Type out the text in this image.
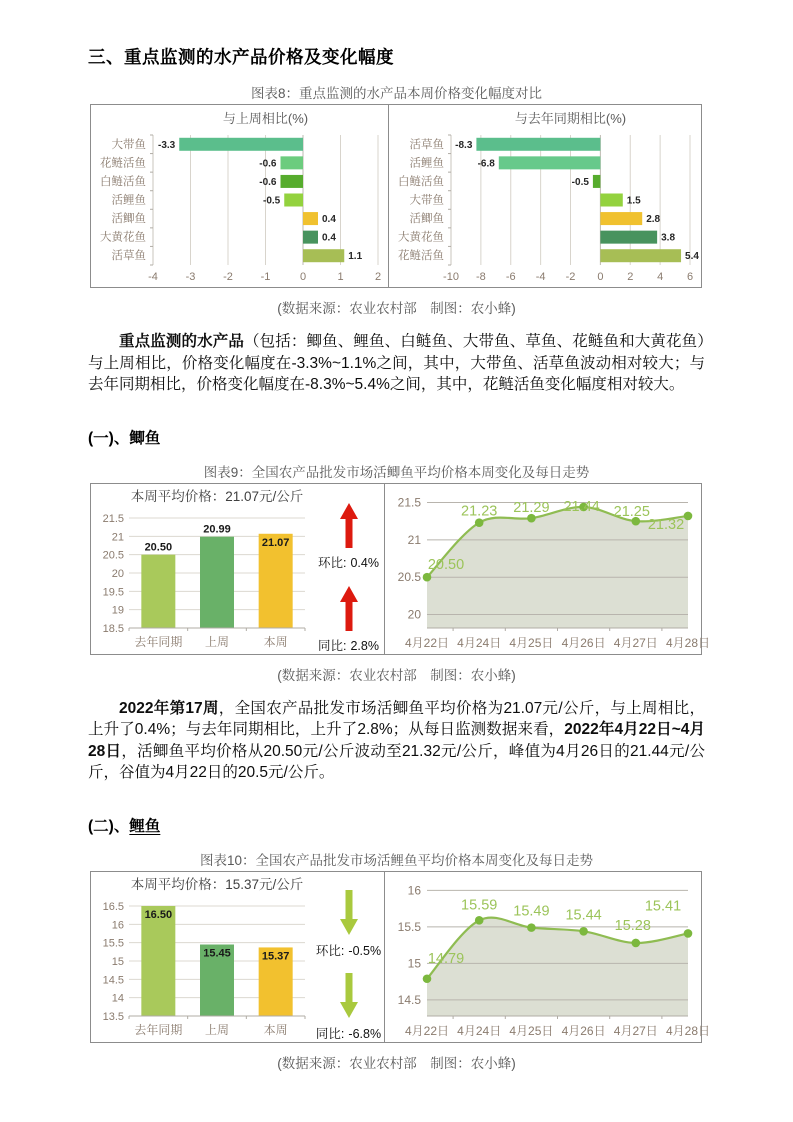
三、重点监测的水产品价格及变化幅度
图表8：重点监测的水产品本周价格变化幅度对比
与上周相比(%)
-4	-3	-2	-1	0	1	2
-3.3
大带鱼
-0.6
花鲢活鱼
-0.6
白鲢活鱼
-0.5
活鲤鱼
0.4
活鲫鱼
0.4
大黄花鱼
1.1
活草鱼
与去年同期相比(%)
-10 -8 -6 -4 -2 0 2 4 6
-8.3
活草鱼
-6.8
活鲤鱼
-0.5
白鲢活鱼
1.5
大带鱼
2.8
活鲫鱼
3.8
大黄花鱼
5.4
花鲢活鱼
(数据来源：农业农村部　制图：农小蜂)

重点监测的水产品（包括：鲫鱼、鲤鱼、白鲢鱼、大带鱼、草鱼、花鲢鱼和大黄花鱼）与上周相比，价格变化幅度在-3.3%~1.1%之间，其中，大带鱼、活草鱼波动相对较大；与去年同期相比，价格变化幅度在-8.3%~5.4%之间，其中，花鲢活鱼变化幅度相对较大。

(一)、鲫鱼
图表9：全国农产品批发市场活鲫鱼平均价格本周变化及每日走势
本周平均价格：21.07元/公斤
21.5
21
20.5
20
19.5
19
18.5
20.50
去年同期
20.99
上周
21.07
本周
环比: 0.4%
同比: 2.8%
21.5
21
20.5
20
20.50
21.23 21.29 21.44 21.25
21.32
4月22日 4月24日 4月25日 4月26日 4月27日 4月28日
(数据来源：农业农村部　制图：农小蜂)

2022年第17周，全国农产品批发市场活鲫鱼平均价格为21.07元/公斤，与上周相比，上升了0.4%；与去年同期相比，上升了2.8%；从每日监测数据来看，2022年4月22日~4月28日，活鲫鱼平均价格从20.50元/公斤波动至21.32元/公斤，峰值为4月26日的21.44元/公斤，谷值为4月22日的20.5元/公斤。

(二)、鲤鱼
图表10：全国农产品批发市场活鲤鱼平均价格本周变化及每日走势
本周平均价格：15.37元/公斤
16.5
16
15.5
15
14.5
14
13.5
16.50
去年同期
15.45
上周
15.37
本周
环比: -0.5%
同比: -6.8%
16
15.5
15
14.5
14.79
15.59 15.49 15.44
15.28
15.41
4月22日 4月24日 4月25日 4月26日 4月27日 4月28日
(数据来源：农业农村部　制图：农小蜂)
